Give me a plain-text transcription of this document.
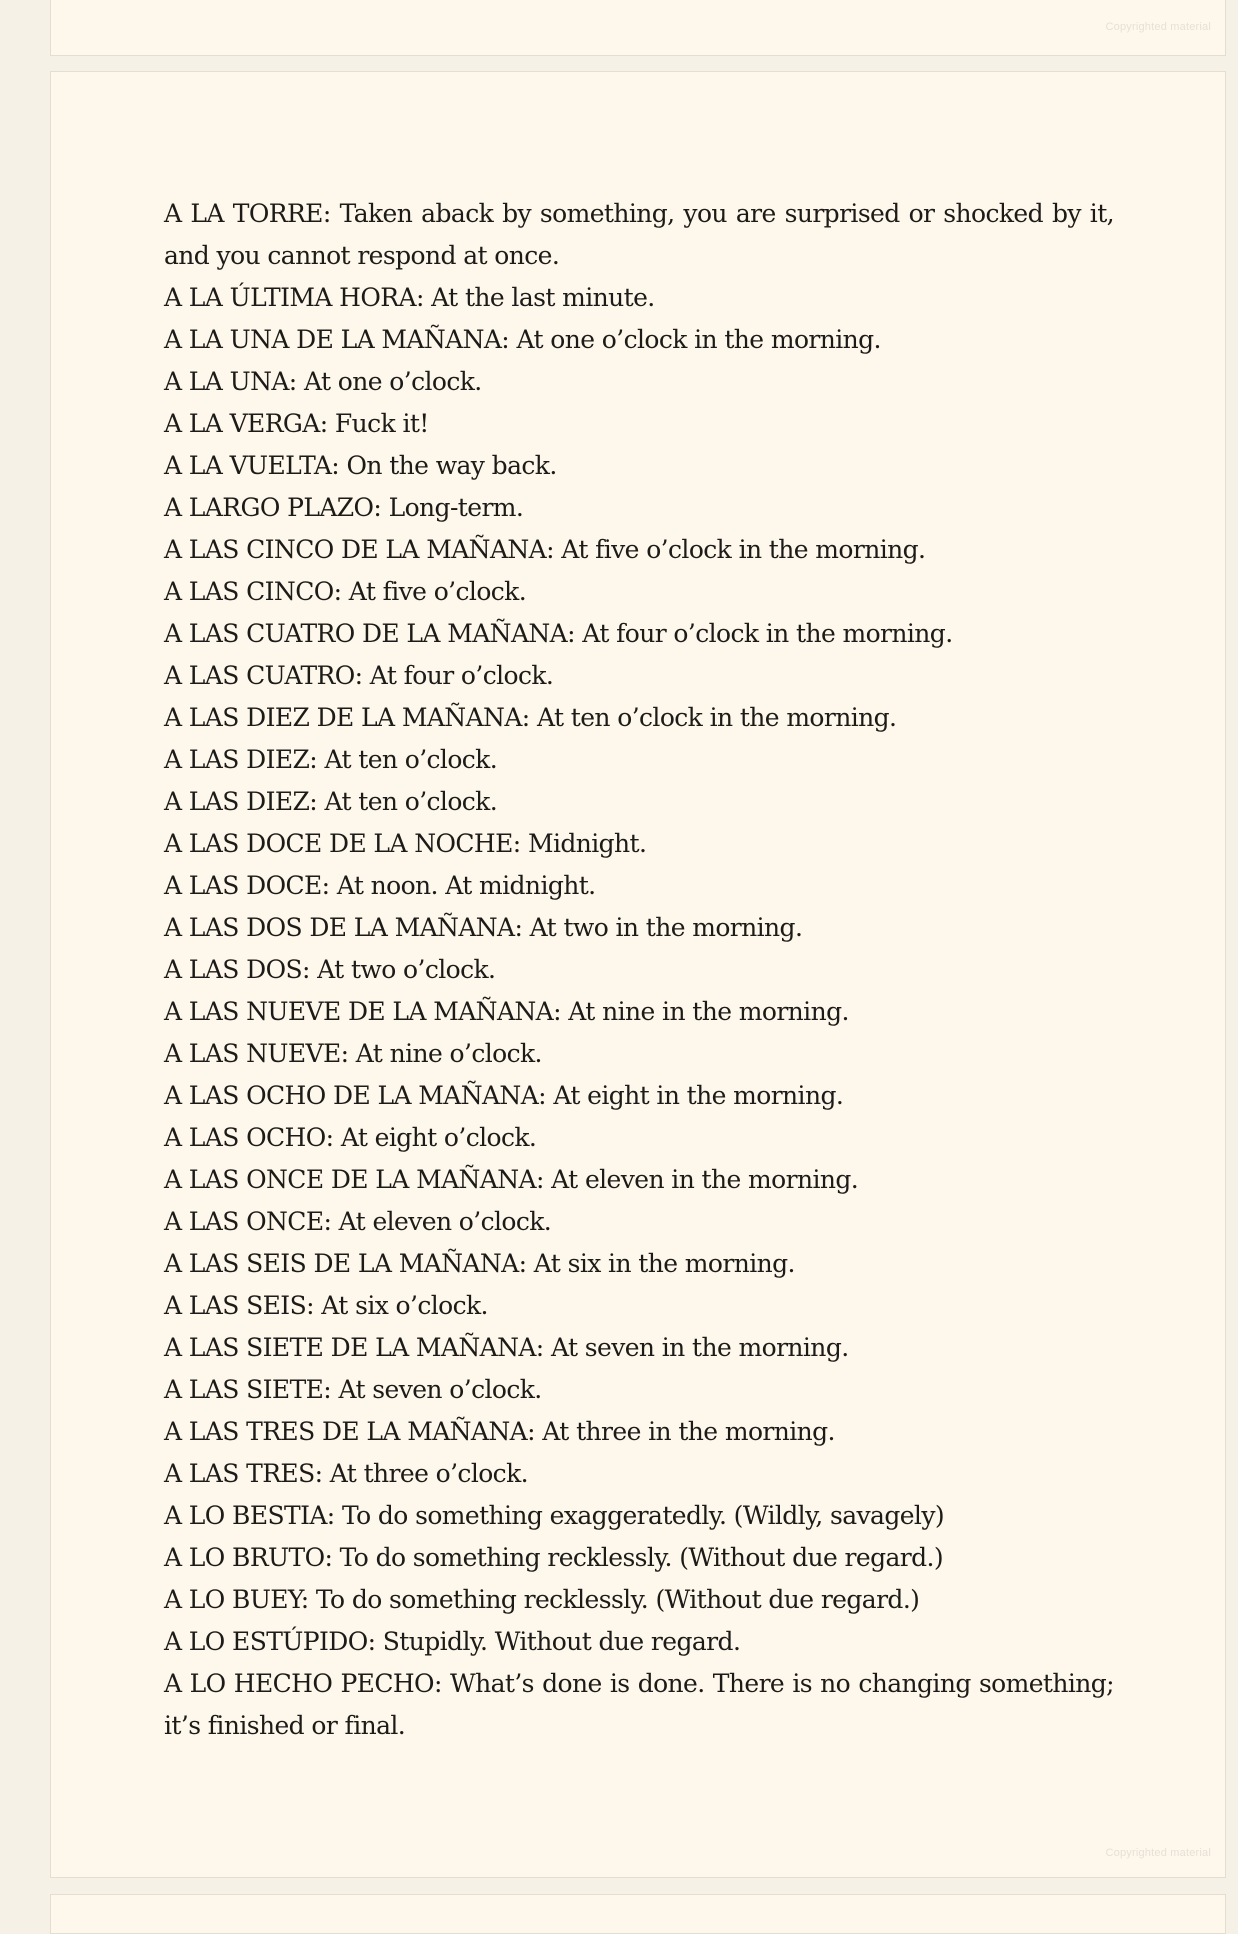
Copyrighted material

A LA TORRE: Taken aback by something, you are surprised or shocked by it, and you cannot respond at once.

A LA ÚLTIMA HORA: At the last minute.

A LA UNA DE LA MAÑANA: At one o’clock in the morning.

A LA UNA: At one o’clock.

A LA VERGA: Fuck it!

A LA VUELTA: On the way back.

A LARGO PLAZO: Long-term.

A LAS CINCO DE LA MAÑANA: At five o’clock in the morning.

A LAS CINCO: At five o’clock.

A LAS CUATRO DE LA MAÑANA: At four o’clock in the morning.

A LAS CUATRO: At four o’clock.

A LAS DIEZ DE LA MAÑANA: At ten o’clock in the morning.

A LAS DIEZ: At ten o’clock.

A LAS DIEZ: At ten o’clock.

A LAS DOCE DE LA NOCHE: Midnight.

A LAS DOCE: At noon. At midnight.

A LAS DOS DE LA MAÑANA: At two in the morning.

A LAS DOS: At two o’clock.

A LAS NUEVE DE LA MAÑANA: At nine in the morning.

A LAS NUEVE: At nine o’clock.

A LAS OCHO DE LA MAÑANA: At eight in the morning.

A LAS OCHO: At eight o’clock.

A LAS ONCE DE LA MAÑANA: At eleven in the morning.

A LAS ONCE: At eleven o’clock.

A LAS SEIS DE LA MAÑANA: At six in the morning.

A LAS SEIS: At six o’clock.

A LAS SIETE DE LA MAÑANA: At seven in the morning.

A LAS SIETE: At seven o’clock.

A LAS TRES DE LA MAÑANA: At three in the morning.

A LAS TRES: At three o’clock.

A LO BESTIA: To do something exaggeratedly. (Wildly, savagely)

A LO BRUTO: To do something recklessly. (Without due regard.)

A LO BUEY: To do something recklessly. (Without due regard.)

A LO ESTÚPIDO: Stupidly. Without due regard.

A LO HECHO PECHO: What’s done is done. There is no changing something; it’s finished or final.

Copyrighted material
